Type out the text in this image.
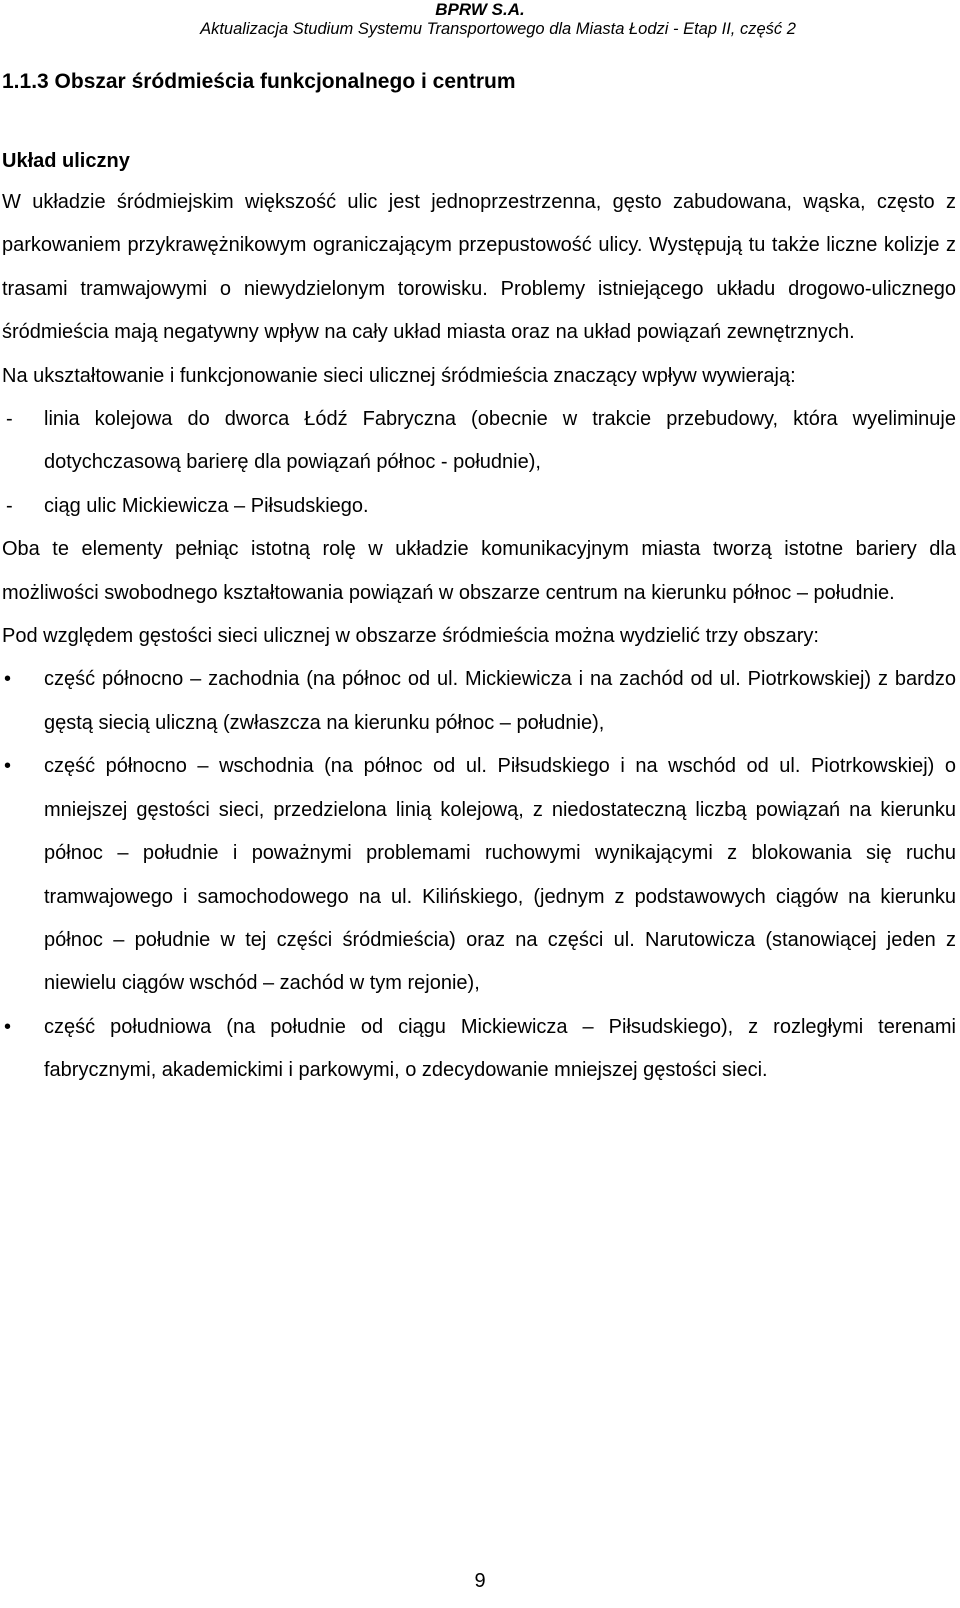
BPRW S.A.
Aktualizacja Studium Systemu Transportowego dla Miasta Łodzi - Etap II, część 2
1.1.3 Obszar śródmieścia funkcjonalnego i centrum
Układ uliczny

W układzie śródmiejskim większość ulic jest jednoprzestrzenna, gęsto zabudowana, wąska, często z parkowaniem przykrawężnikowym ograniczającym przepustowość ulicy. Występują tu także liczne kolizje z trasami tramwajowymi o niewydzielonym torowisku. Problemy istniejącego układu drogowo-ulicznego śródmieścia mają negatywny wpływ na cały układ miasta oraz na układ powiązań zewnętrznych.

Na ukształtowanie i funkcjonowanie sieci ulicznej śródmieścia znaczący wpływ wywierają:

- linia kolejowa do dworca Łódź Fabryczna (obecnie w trakcie przebudowy, która wyeliminuje dotychczasową barierę dla powiązań północ - południe),
- ciąg ulic Mickiewicza – Piłsudskiego.

Oba te elementy pełniąc istotną rolę w układzie komunikacyjnym miasta tworzą istotne bariery dla możliwości swobodnego kształtowania powiązań w obszarze centrum na kierunku północ – południe.

Pod względem gęstości sieci ulicznej w obszarze śródmieścia można wydzielić trzy obszary:

• część północno – zachodnia (na północ od ul. Mickiewicza i na zachód od ul. Piotrkowskiej) z bardzo gęstą siecią uliczną (zwłaszcza na kierunku północ – południe),
• część północno – wschodnia (na północ od ul. Piłsudskiego i na wschód od ul. Piotrkowskiej) o mniejszej gęstości sieci, przedzielona linią kolejową, z niedostateczną liczbą powiązań na kierunku północ – południe i poważnymi problemami ruchowymi wynikającymi z blokowania się ruchu tramwajowego i samochodowego na ul. Kilińskiego, (jednym z podstawowych ciągów na kierunku północ – południe w tej części śródmieścia) oraz na części ul. Narutowicza (stanowiącej jeden z niewielu ciągów wschód – zachód w tym rejonie),
• część południowa (na południe od ciągu Mickiewicza – Piłsudskiego), z rozległymi terenami fabrycznymi, akademickimi i parkowymi, o zdecydowanie mniejszej gęstości sieci.
9
